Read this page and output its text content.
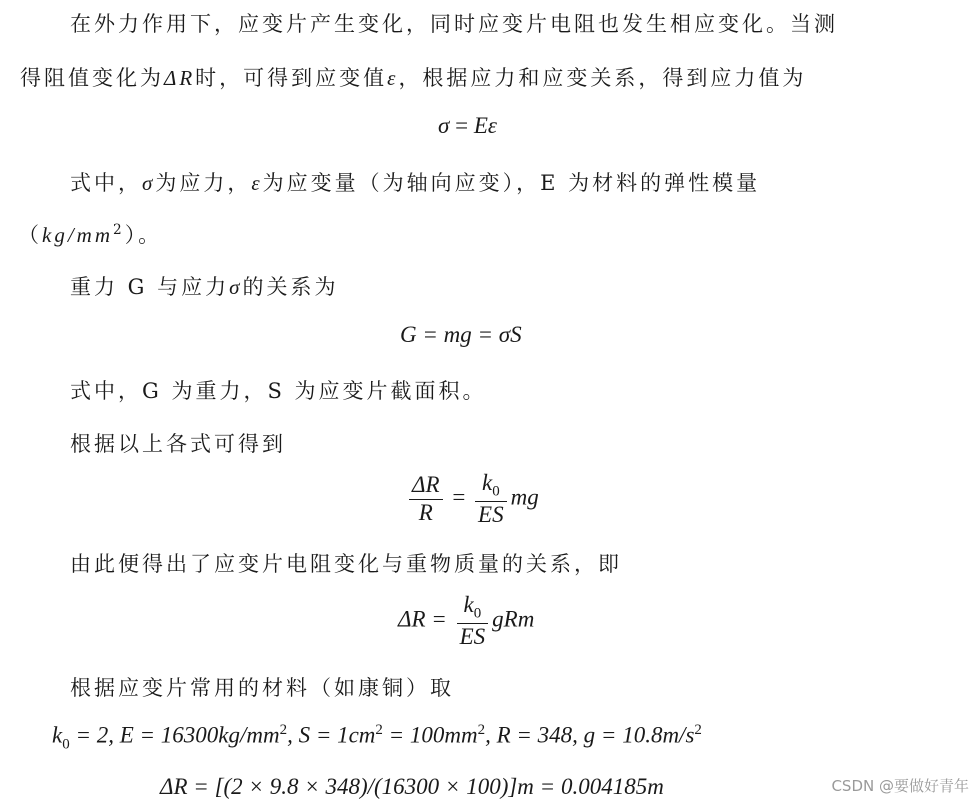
在外力作用下，应变片产生变化，同时应变片电阻也发生相应变化。当测
得阻值变化为ΔR时，可得到应变值ε，根据应力和应变关系，得到应力值为
σ = Eε
式中，σ为应力，ε为应变量（为轴向应变），E 为材料的弹性模量
$(kg/mm^2)$。
重力 G 与应力σ的关系为
G = mg = σS
式中，G 为重力，S 为应变片截面积。
根据以上各式可得到
$\frac{\Delta R}{R} = \frac{k_0}{ES}$ mg
由此便得出了应变片电阻变化与重物质量的关系，即
$\Delta R = \frac{k_0}{ES}$ gRm
根据应变片常用的材料（如康铜）取
$k_0 = 2$, $E = 16300kg/mm^2$, $S = 1cm^2 = 100mm^2$, R = 348, $g = 10.8m/s^2$
ΔR = [(2 × 9.8 × 348)/(16300 × 100)]m = 0.004185m	CSDN @要做好青年
